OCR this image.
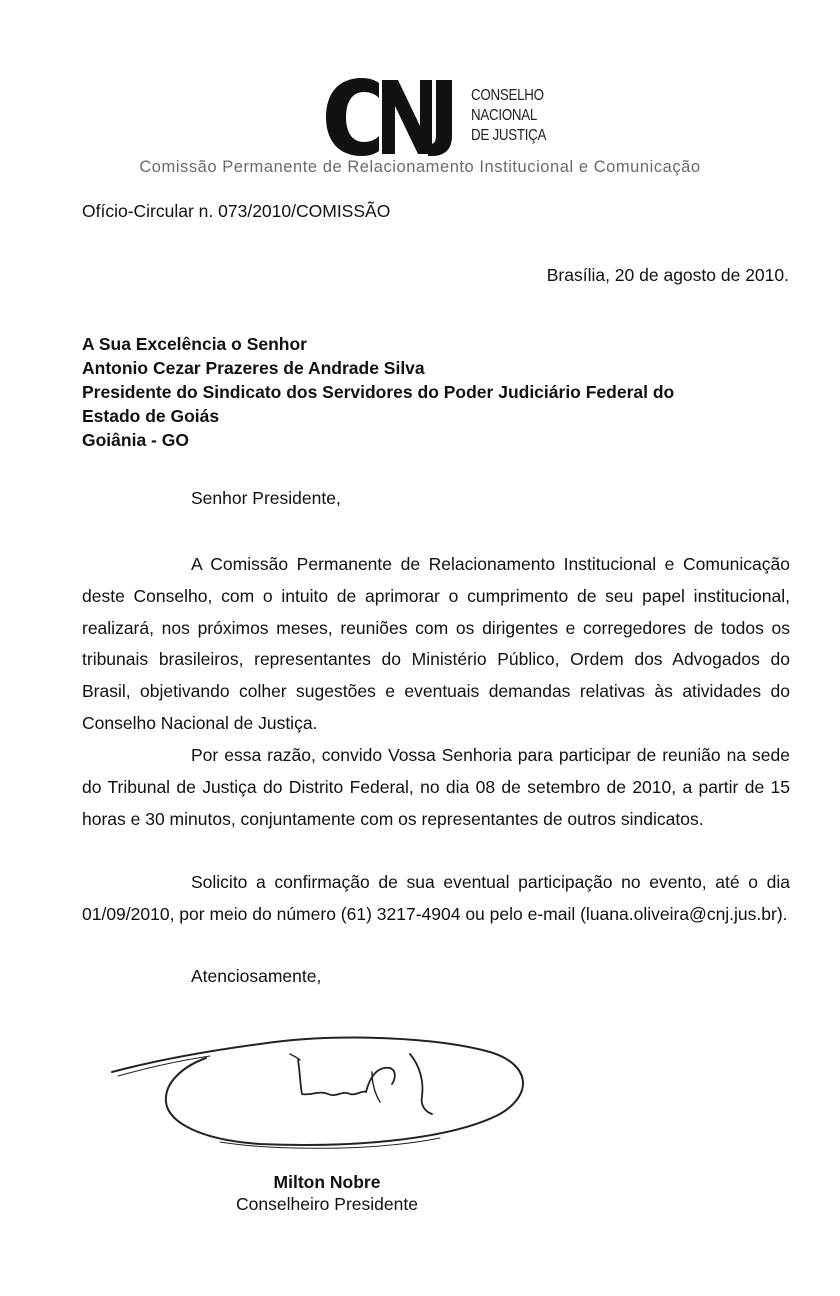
CONSELHO
NACIONAL
DE JUSTIÇA
Comissão Permanente de Relacionamento Institucional e Comunicação
Ofício-Circular n. 073/2010/COMISSÃO
Brasília, 20 de agosto de 2010.
A Sua Excelência o Senhor
Antonio Cezar Prazeres de Andrade Silva
Presidente do Sindicato dos Servidores do Poder Judiciário Federal do
Estado de Goiás
Goiânia - GO
Senhor Presidente,
A Comissão Permanente de Relacionamento Institucional e Comunicação deste Conselho, com o intuito de aprimorar o cumprimento de seu papel institucional, realizará, nos próximos meses, reuniões com os dirigentes e corregedores de todos os tribunais brasileiros, representantes do Ministério Público, Ordem dos Advogados do Brasil, objetivando colher sugestões e eventuais demandas relativas às atividades do Conselho Nacional de Justiça.
Por essa razão, convido Vossa Senhoria para participar de reunião na sede do Tribunal de Justiça do Distrito Federal, no dia 08 de setembro de 2010, a partir de 15 horas e 30 minutos, conjuntamente com os representantes de outros sindicatos.
Solicito a confirmação de sua eventual participação no evento, até o dia 01/09/2010, por meio do número (61) 3217-4904 ou pelo e-mail (luana.oliveira@cnj.jus.br).
Atenciosamente,
Milton Nobre
Conselheiro Presidente
